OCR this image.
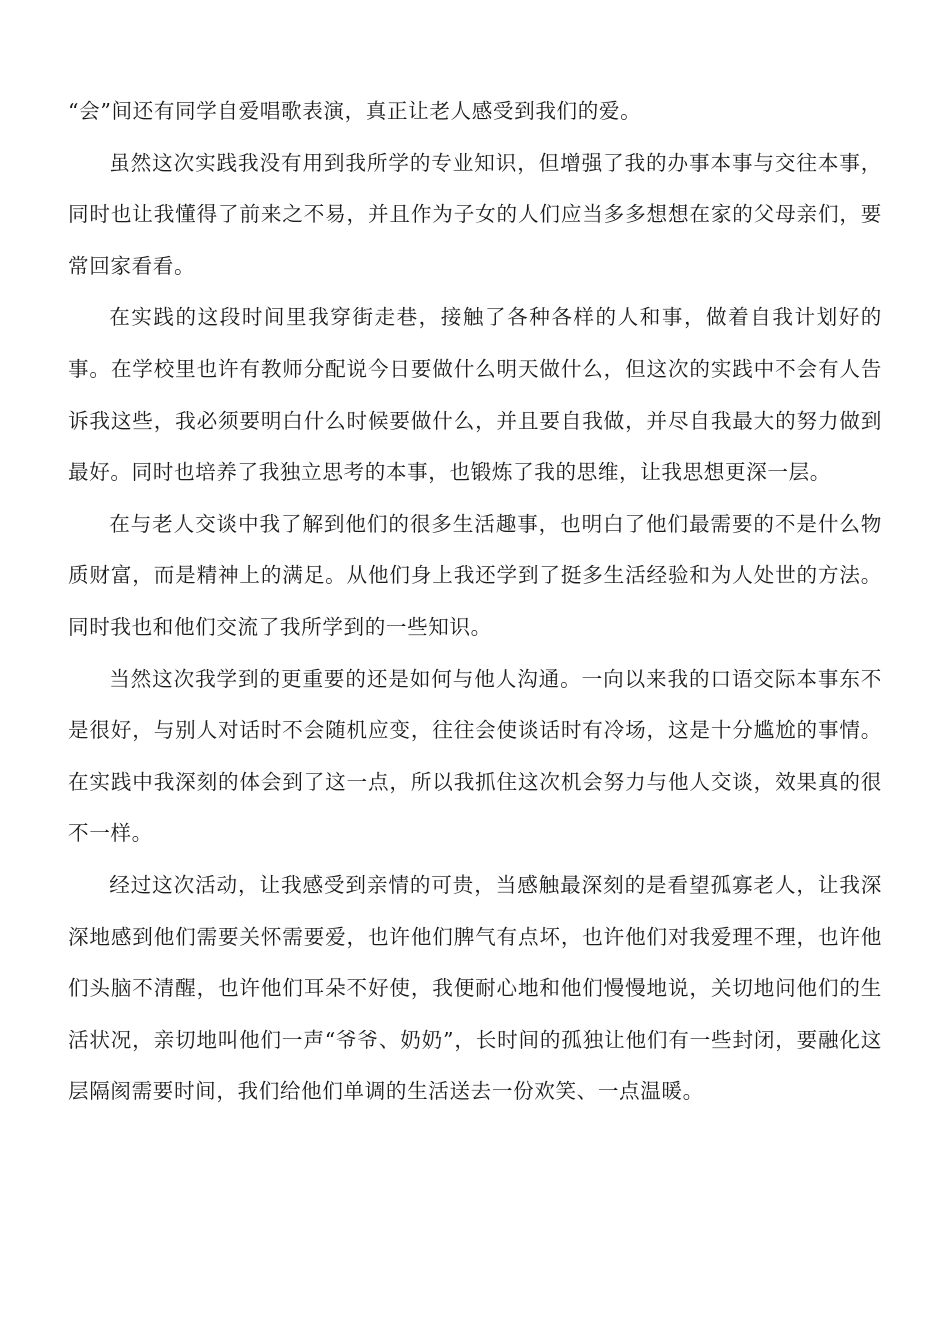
“会”间还有同学自爱唱歌表演，真正让老人感受到我们的爱。

虽然这次实践我没有用到我所学的专业知识，但增强了我的办事本事与交往本事，同时也让我懂得了前来之不易，并且作为子女的人们应当多多想想在家的父母亲们，要常回家看看。

在实践的这段时间里我穿街走巷，接触了各种各样的人和事，做着自我计划好的事。在学校里也许有教师分配说今日要做什么明天做什么，但这次的实践中不会有人告诉我这些，我必须要明白什么时候要做什么，并且要自我做，并尽自我最大的努力做到最好。同时也培养了我独立思考的本事，也锻炼了我的思维，让我思想更深一层。

在与老人交谈中我了解到他们的很多生活趣事，也明白了他们最需要的不是什么物质财富，而是精神上的满足。从他们身上我还学到了挺多生活经验和为人处世的方法。同时我也和他们交流了我所学到的一些知识。

当然这次我学到的更重要的还是如何与他人沟通。一向以来我的口语交际本事东不是很好，与别人对话时不会随机应变，往往会使谈话时有冷场，这是十分尴尬的事情。在实践中我深刻的体会到了这一点，所以我抓住这次机会努力与他人交谈，效果真的很不一样。

经过这次活动，让我感受到亲情的可贵，当感触最深刻的是看望孤寡老人，让我深深地感到他们需要关怀需要爱，也许他们脾气有点坏，也许他们对我爱理不理，也许他们头脑不清醒，也许他们耳朵不好使，我便耐心地和他们慢慢地说，关切地问他们的生活状况，亲切地叫他们一声“爷爷、奶奶”，长时间的孤独让他们有一些封闭，要融化这层隔阂需要时间，我们给他们单调的生活送去一份欢笑、一点温暖。
